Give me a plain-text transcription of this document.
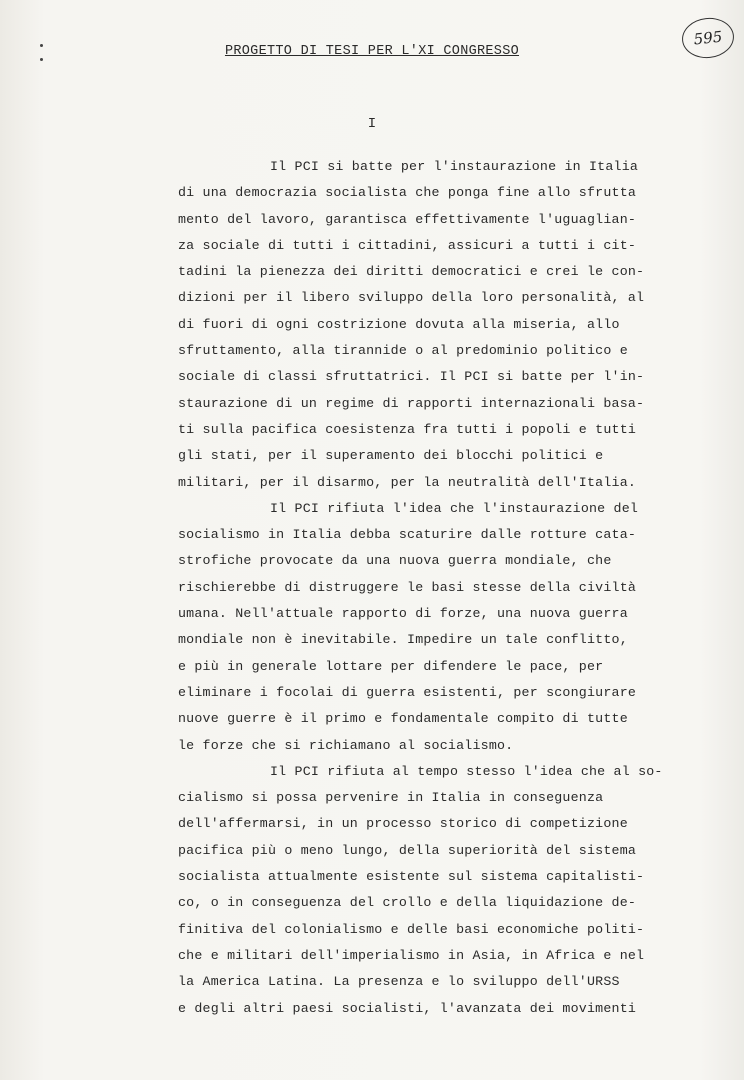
595
PROGETTO DI TESI PER L'XI CONGRESSO
I
Il PCI si batte per l'instaurazione in Italia
di una democrazia socialista che ponga fine allo sfrutta
mento del lavoro, garantisca effettivamente l'uguaglian-
za sociale di tutti i cittadini, assicuri a tutti i cit-
tadini la pienezza dei diritti democratici e crei le con-
dizioni per il libero sviluppo della loro personalità, al
di fuori di ogni costrizione dovuta alla miseria, allo
sfruttamento, alla tirannide o al predominio politico e
sociale di classi sfruttatrici. Il PCI si batte per l'in-
staurazione di un regime di rapporti internazionali basa-
ti sulla pacifica coesistenza fra tutti i popoli e tutti
gli stati, per il superamento dei blocchi politici e
militari, per il disarmo, per la neutralità dell'Italia.
Il PCI rifiuta l'idea che l'instaurazione del
socialismo in Italia debba scaturire dalle rotture cata-
strofiche provocate da una nuova guerra mondiale, che
rischierebbe di distruggere le basi stesse della civiltà
umana. Nell'attuale rapporto di forze, una nuova guerra
mondiale non è inevitabile. Impedire un tale conflitto,
e più in generale lottare per difendere le pace, per
eliminare i focolai di guerra esistenti, per scongiurare
nuove guerre è il primo e fondamentale compito di tutte
le forze che si richiamano al socialismo.
Il PCI rifiuta al tempo stesso l'idea che al so-
cialismo si possa pervenire in Italia in conseguenza
dell'affermarsi, in un processo storico di competizione
pacifica più o meno lungo, della superiorità del sistema
socialista attualmente esistente sul sistema capitalisti-
co, o in conseguenza del crollo e della liquidazione de-
finitiva del colonialismo e delle basi economiche politi-
che e militari dell'imperialismo in Asia, in Africa e nel
la America Latina. La presenza e lo sviluppo dell'URSS
e degli altri paesi socialisti, l'avanzata dei movimenti
